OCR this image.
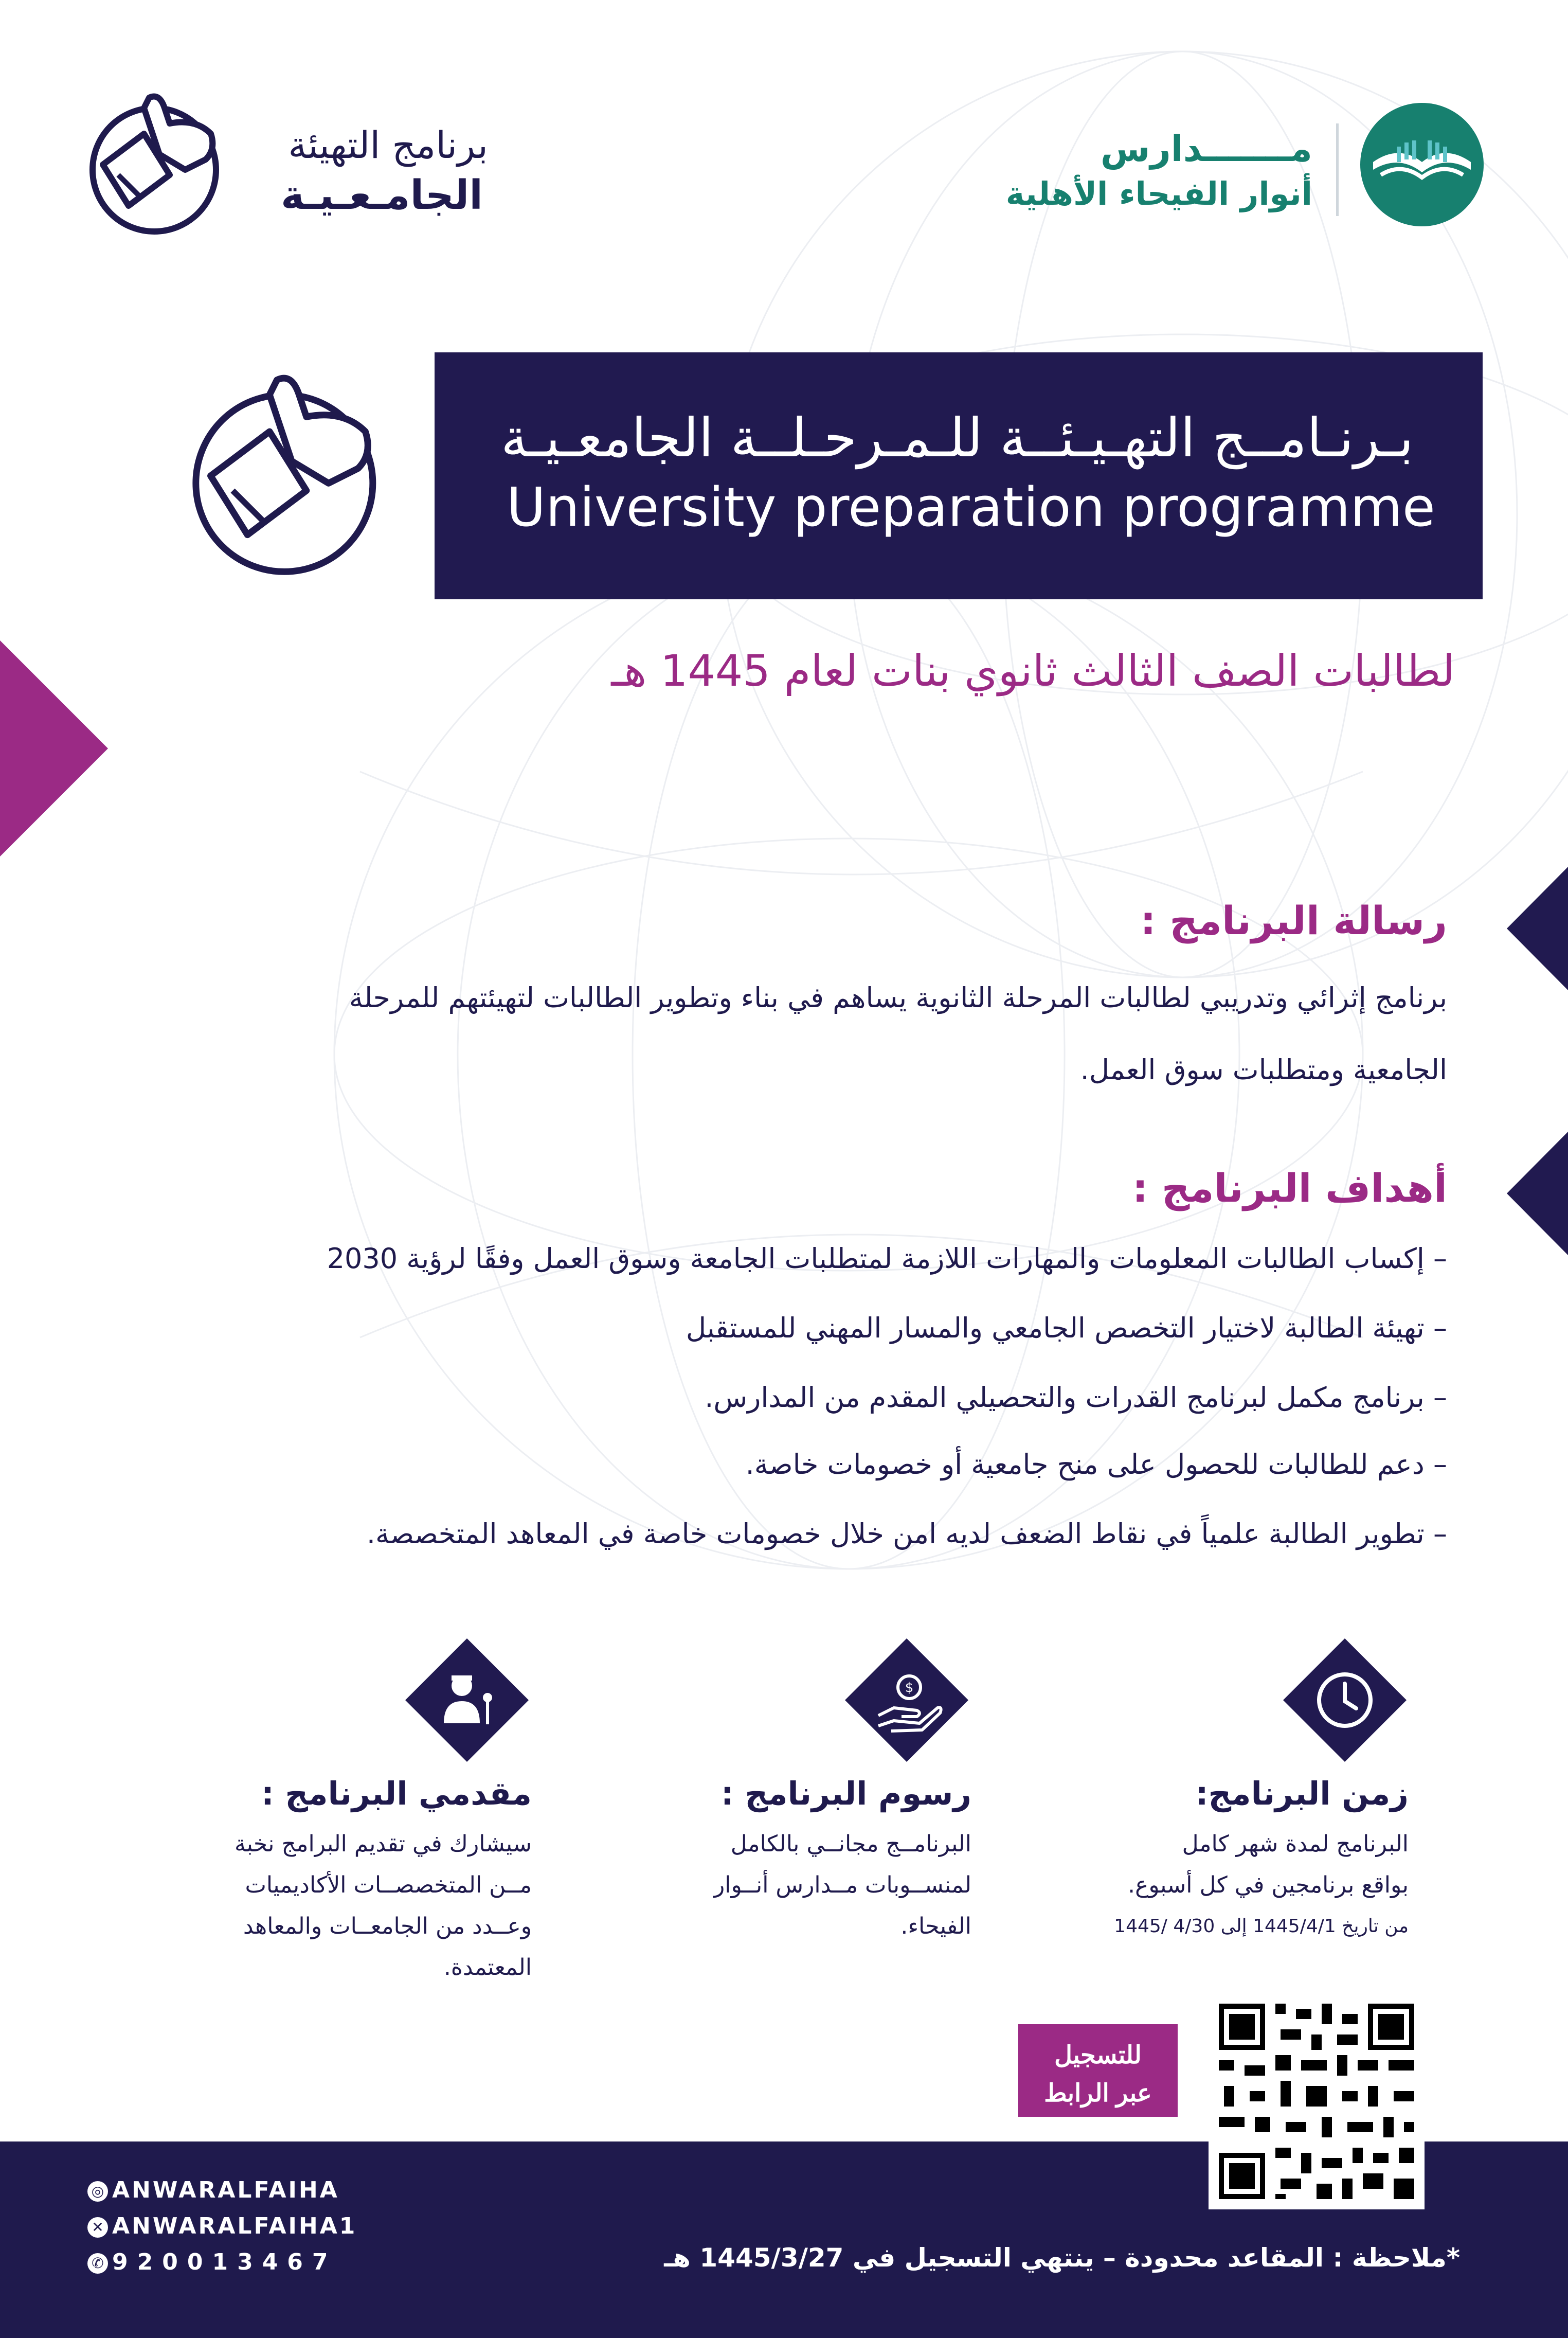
مـــــــدارس
أنوار الفيحاء الأهلية
برنامج التهيئة
الجامـعـيـة
بـرنـامــج التهـيـئــة للـمـرحـلــة الجامعـيـة
University preparation programme
لطالبات الصف الثالث ثانوي بنات لعام 1445 هـ
رسالة البرنامج :
برنامج إثرائي وتدريبي لطالبات المرحلة الثانوية يساهم في بناء وتطوير الطالبات لتهيئتهم للمرحلة
الجامعية ومتطلبات سوق العمل.
أهداف البرنامج :
– إكساب الطالبات المعلومات والمهارات اللازمة لمتطلبات الجامعة وسوق العمل وفقًا لرؤية 2030
– تهيئة الطالبة لاختيار التخصص الجامعي والمسار المهني للمستقبل
– برنامج مكمل لبرنامج القدرات والتحصيلي المقدم من المدارس.
– دعم للطالبات للحصول على منح جامعية أو خصومات خاصة.
– تطوير الطالبة علمياً في نقاط الضعف لديه امن خلال خصومات خاصة في المعاهد المتخصصة.
زمن البرنامج:
البرنامج لمدة شهر كامل
بواقع برنامجين في كل أسبوع.
من تاريخ 1445/4/1 إلى 4/30 /1445
$
رسوم البرنامج :
البرنامــج مجانــي بالكامل
لمنســوبات مــدارس أنــوار
الفيحاء.
مقدمي البرنامج :
سيشارك في تقديم البرامج نخبة
مــن المتخصصــات الأكاديميات
وعــدد من الجامعــات والمعاهد
المعتمدة.
◎ ANWARALFAIHA
✕ ANWARALFAIHA1
✆ 920013467	*ملاحظة : المقاعد محدودة – ينتهي التسجيل في 1445/3/27 هـ
للتسجيل
عبر الرابط
